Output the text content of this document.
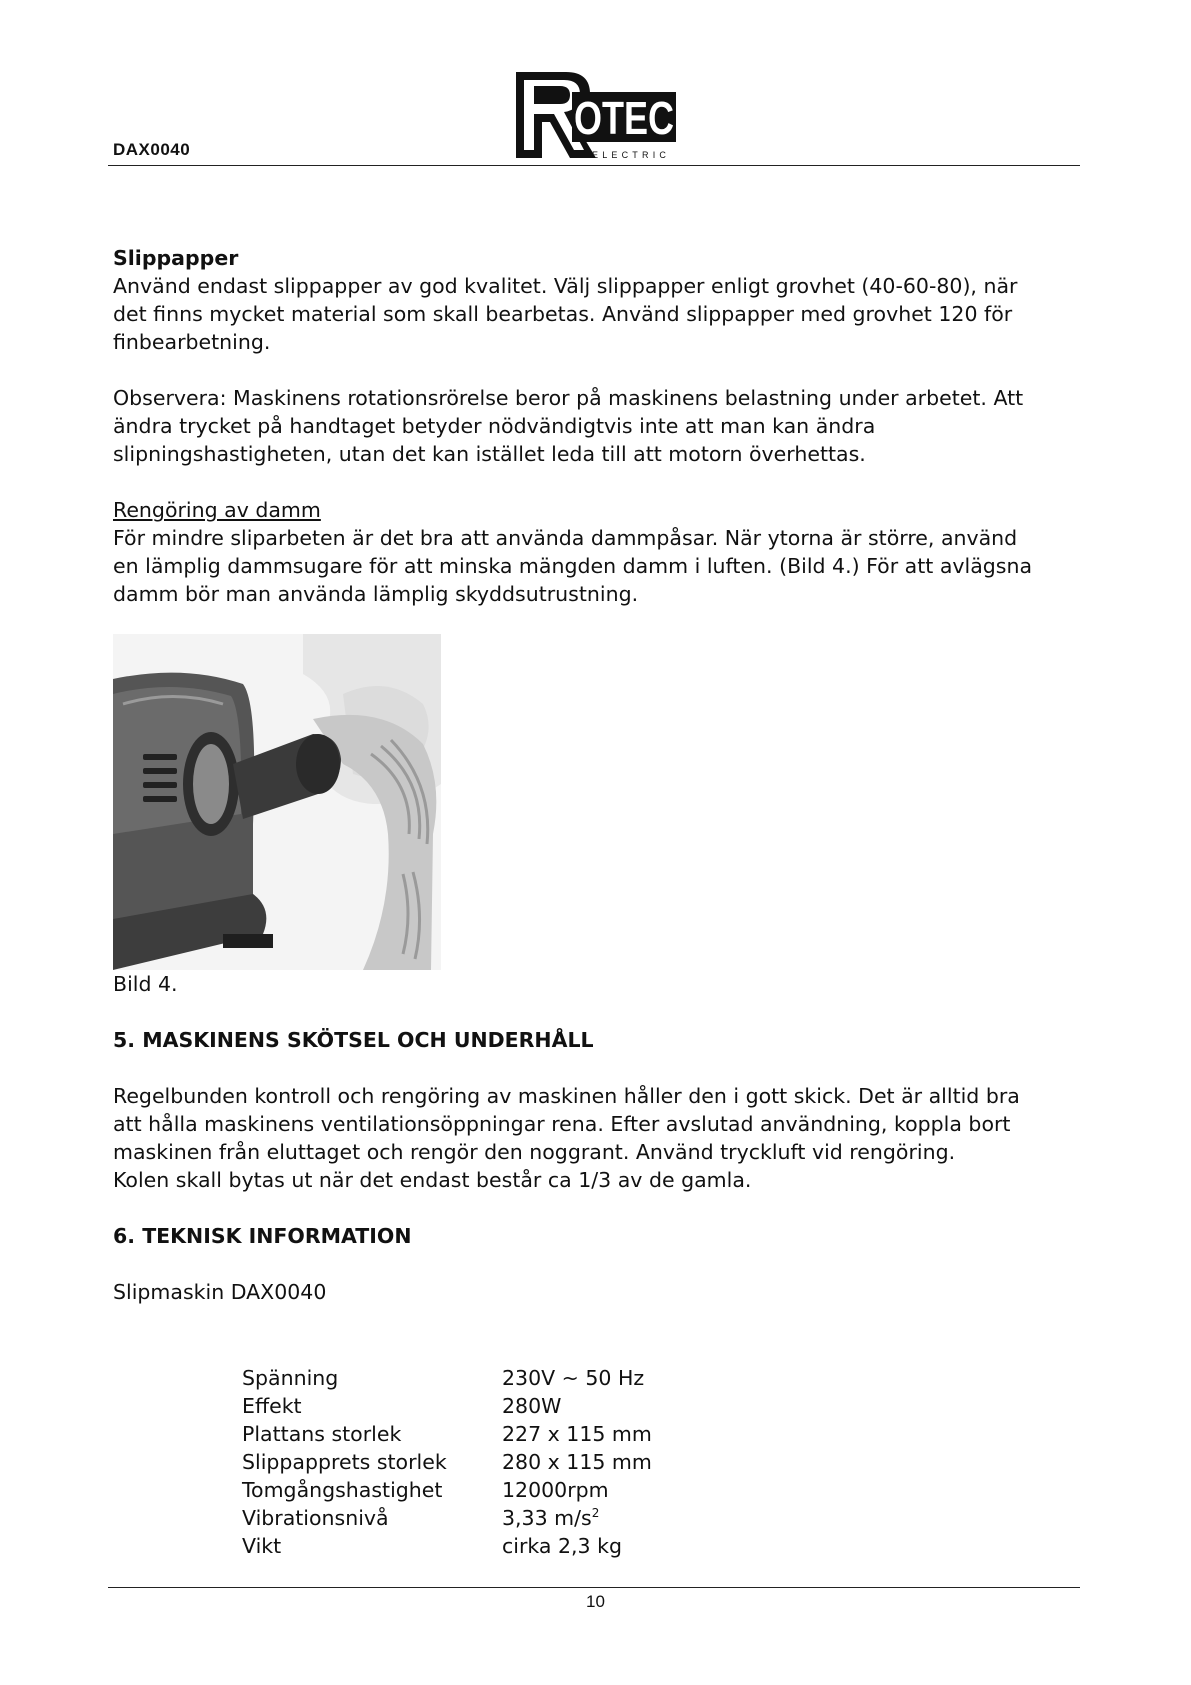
DAX0040
OTEC
ELECTRIC

Slippapper

Använd endast slippapper av god kvalitet. Välj slippapper enligt grovhet (40-60-80), när

det finns mycket material som skall bearbetas. Använd slippapper med grovhet 120 för

finbearbetning.

Observera: Maskinens rotationsrörelse beror på maskinens belastning under arbetet. Att

ändra trycket på handtaget betyder nödvändigtvis inte att man kan ändra

slipningshastigheten, utan det kan istället leda till att motorn överhettas.

Rengöring av damm

För mindre sliparbeten är det bra att använda dammpåsar. När ytorna är större, använd

en lämplig dammsugare för att minska mängden damm i luften. (Bild 4.) För att avlägsna

damm bör man använda lämplig skyddsutrustning.

Bild 4.

5. MASKINENS SKÖTSEL OCH UNDERHÅLL

Regelbunden kontroll och rengöring av maskinen håller den i gott skick. Det är alltid bra

att hålla maskinens ventilationsöppningar rena. Efter avslutad användning, koppla bort

maskinen från eluttaget och rengör den noggrant. Använd tryckluft vid rengöring.

Kolen skall bytas ut när det endast består ca 1/3 av de gamla.

6. TEKNISK INFORMATION

Slipmaskin DAX0040

Spänning	230V ~ 50 Hz
Effekt	280W
Plattans storlek	227 x 115 mm
Slippapprets storlek	280 x 115 mm
Tomgångshastighet	12000rpm
Vibrationsnivå	3,33 $m/s^2$
Vikt	cirka 2,3 kg
10
